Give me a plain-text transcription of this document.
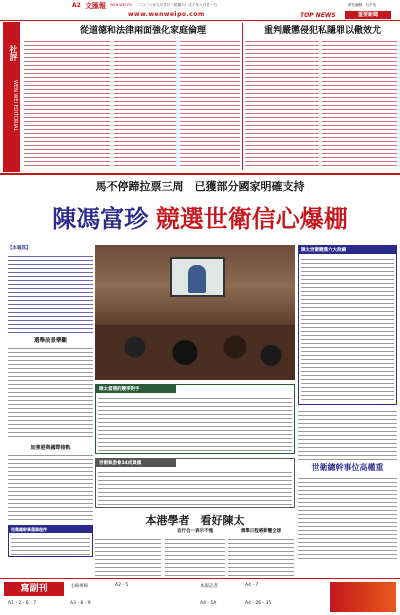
A2 文匯報 WEN WEI PO 二〇〇八年九月廿日（星期六）戊子年八月廿一日
www.wenweipo.com	TOP NEWS	重要新聞
責任編輯：石中英
社評
WEN WEI EDITORIAL
從道德和法律兩面強化家庭倫理	重判嚴懲侵犯私隱罪以儆效尤
馬不停蹄拉票三周　已獲部分國家明確支持
陳馮富珍 競選世衛信心爆棚
【本報訊】	陳太世衛競選六大政綱
選舉前景樂觀
陳太當選的競爭對手
世衛執委會34成員國
加強港與國際接軌
世衛總幹事位高權重
本港學者　看好陳太
言行合一表示不愧	選舉日程將影響全球
世衛總幹事選舉程序
寫副刊	主線專線	A2 - 5	本報記者	A4 - 7
A1 - 2 - 6 - 7	A3 - 8 - 9	A4 - 5A	A4 - 26 - 35
